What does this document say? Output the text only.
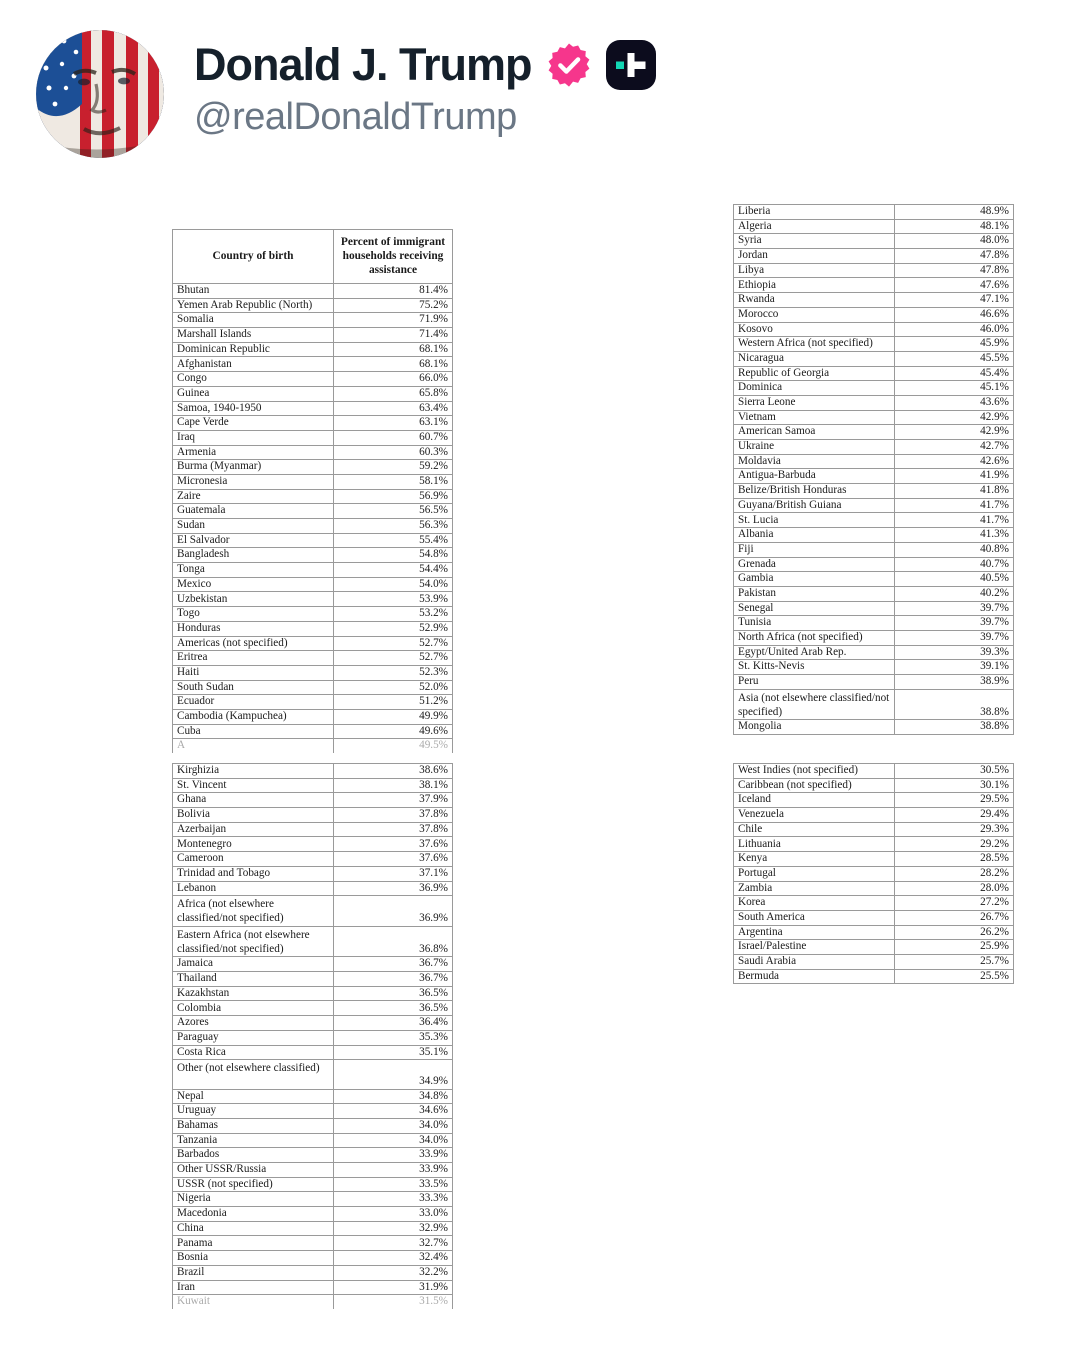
Donald J. Trump
@realDonaldTrump
Country of birth	Percent of immigrant households receiving assistance
Bhutan	81.4%
Yemen Arab Republic (North)	75.2%
Somalia	71.9%
Marshall Islands	71.4%
Dominican Republic	68.1%
Afghanistan	68.1%
Congo	66.0%
Guinea	65.8%
Samoa, 1940-1950	63.4%
Cape Verde	63.1%
Iraq	60.7%
Armenia	60.3%
Burma (Myanmar)	59.2%
Micronesia	58.1%
Zaire	56.9%
Guatemala	56.5%
Sudan	56.3%
El Salvador	55.4%
Bangladesh	54.8%
Tonga	54.4%
Mexico	54.0%
Uzbekistan	53.9%
Togo	53.2%
Honduras	52.9%
Americas (not specified)	52.7%
Eritrea	52.7%
Haiti	52.3%
South Sudan	52.0%
Ecuador	51.2%
Cambodia (Kampuchea)	49.9%
Cuba	49.6%
A	49.5%
Liberia	48.9%
Algeria	48.1%
Syria	48.0%
Jordan	47.8%
Libya	47.8%
Ethiopia	47.6%
Rwanda	47.1%
Morocco	46.6%
Kosovo	46.0%
Western Africa (not specified)	45.9%
Nicaragua	45.5%
Republic of Georgia	45.4%
Dominica	45.1%
Sierra Leone	43.6%
Vietnam	42.9%
American Samoa	42.9%
Ukraine	42.7%
Moldavia	42.6%
Antigua-Barbuda	41.9%
Belize/British Honduras	41.8%
Guyana/British Guiana	41.7%
St. Lucia	41.7%
Albania	41.3%
Fiji	40.8%
Grenada	40.7%
Gambia	40.5%
Pakistan	40.2%
Senegal	39.7%
Tunisia	39.7%
North Africa (not specified)	39.7%
Egypt/United Arab Rep.	39.3%
St. Kitts-Nevis	39.1%
Peru	38.9%
Asia (not elsewhere classified/not specified)	38.8%
Mongolia	38.8%
Kirghizia	38.6%
St. Vincent	38.1%
Ghana	37.9%
Bolivia	37.8%
Azerbaijan	37.8%
Montenegro	37.6%
Cameroon	37.6%
Trinidad and Tobago	37.1%
Lebanon	36.9%
Africa (not elsewhere classified/not specified)	36.9%
Eastern Africa (not elsewhere classified/not specified)	36.8%
Jamaica	36.7%
Thailand	36.7%
Kazakhstan	36.5%
Colombia	36.5%
Azores	36.4%
Paraguay	35.3%
Costa Rica	35.1%
Other (not elsewhere classified)	34.9%
Nepal	34.8%
Uruguay	34.6%
Bahamas	34.0%
Tanzania	34.0%
Barbados	33.9%
Other USSR/Russia	33.9%
USSR (not specified)	33.5%
Nigeria	33.3%
Macedonia	33.0%
China	32.9%
Panama	32.7%
Bosnia	32.4%
Brazil	32.2%
Iran	31.9%
Kuwait	31.5%
West Indies (not specified)	30.5%
Caribbean (not specified)	30.1%
Iceland	29.5%
Venezuela	29.4%
Chile	29.3%
Lithuania	29.2%
Kenya	28.5%
Portugal	28.2%
Zambia	28.0%
Korea	27.2%
South America	26.7%
Argentina	26.2%
Israel/Palestine	25.9%
Saudi Arabia	25.7%
Bermuda	25.5%
